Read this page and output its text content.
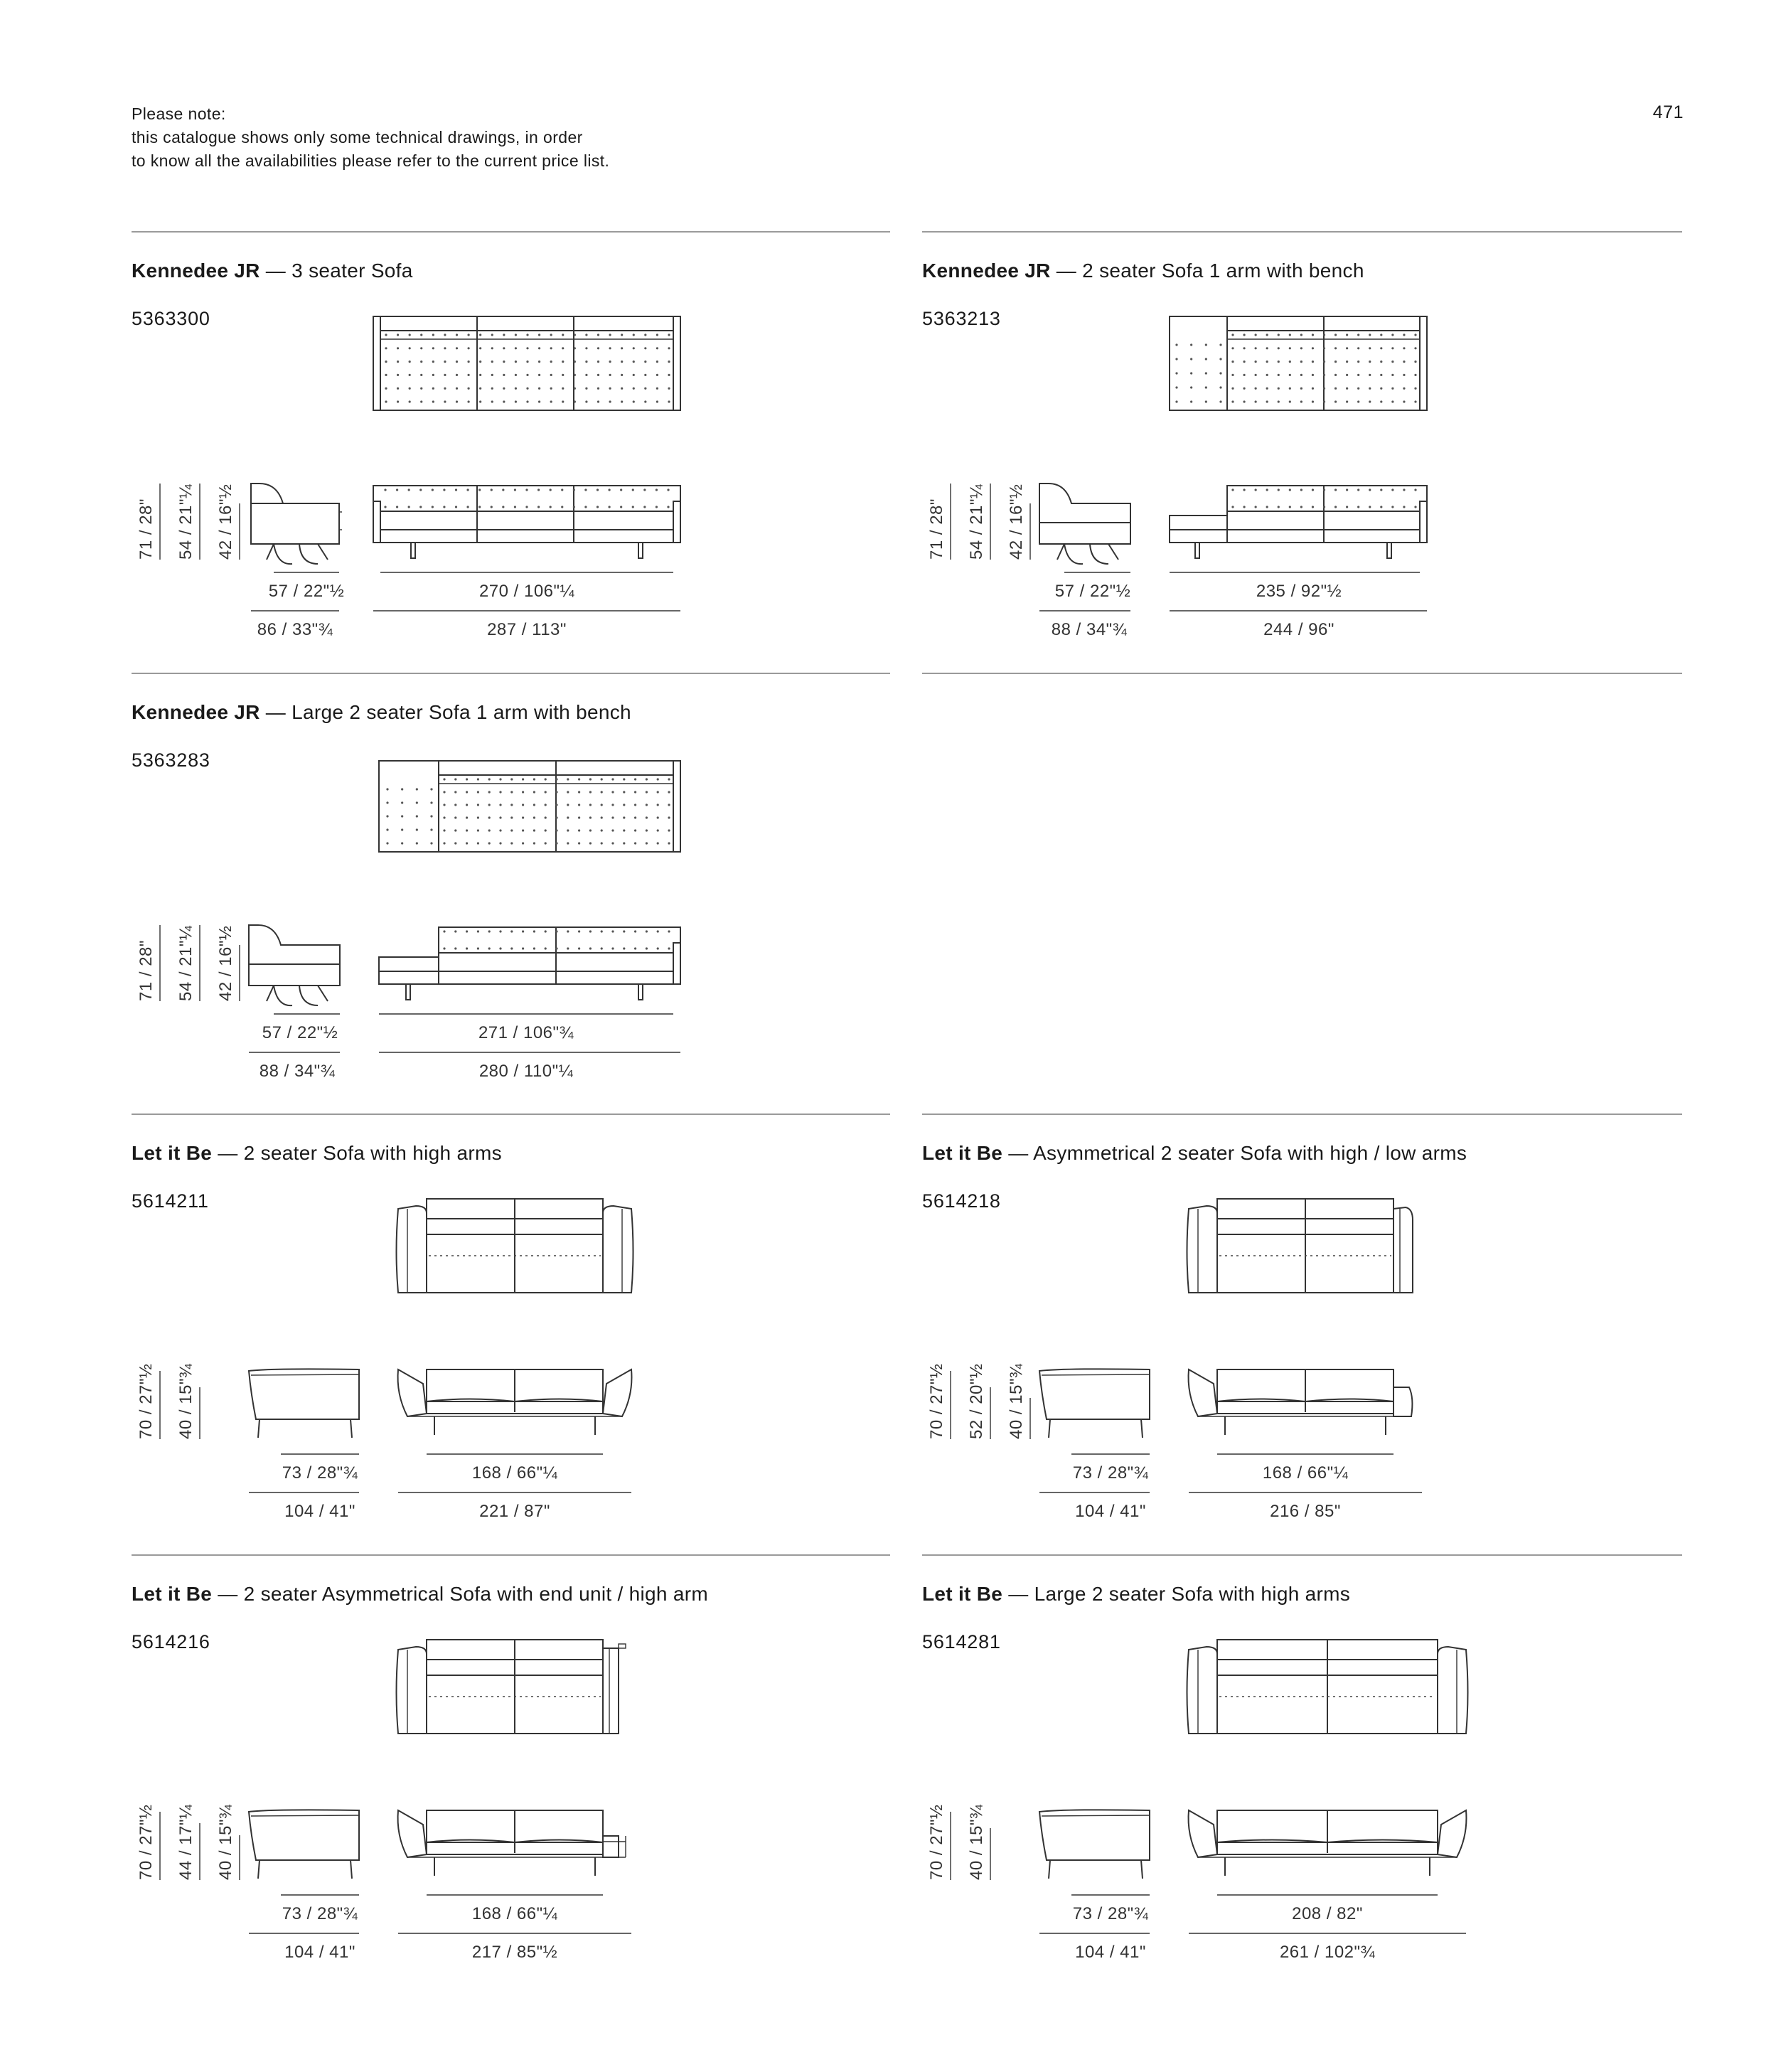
Please note:
this catalogue shows only some technical drawings, in order
to know all the availabilities please refer to the current price list.
471
Kennedee JR — 3 seater Sofa
5363300
71 / 28" 54 / 21"¼ 42 / 16"½
57 / 22"½
86 / 33"¾
270 / 106"¼
287 / 113"
Kennedee JR — 2 seater Sofa 1 arm with bench
5363213
71 / 28" 54 / 21"¼ 42 / 16"½
57 / 22"½
88 / 34"¾
235 / 92"½
244 / 96"
Kennedee JR — Large 2 seater Sofa 1 arm with bench
5363283
71 / 28" 54 / 21"¼ 42 / 16"½
57 / 22"½
88 / 34"¾
271 / 106"¾
280 / 110"¼
Let it Be — 2 seater Sofa with high arms
5614211
70 / 27"½ 40 / 15"¾
73 / 28"¾
104 / 41"
168 / 66"¼
221 / 87"
Let it Be — Asymmetrical 2 seater Sofa with high / low arms
5614218
70 / 27"½ 52 / 20"½ 40 / 15"¾
73 / 28"¾
104 / 41"
168 / 66"¼
216 / 85"
Let it Be — 2 seater Asymmetrical Sofa with end unit / high arm
5614216
70 / 27"½ 44 / 17"¼ 40 / 15"¾
73 / 28"¾
104 / 41"
168 / 66"¼
217 / 85"½
Let it Be — Large 2 seater Sofa with high arms
5614281
70 / 27"½ 40 / 15"¾
73 / 28"¾
104 / 41"
208 / 82"
261 / 102"¾
